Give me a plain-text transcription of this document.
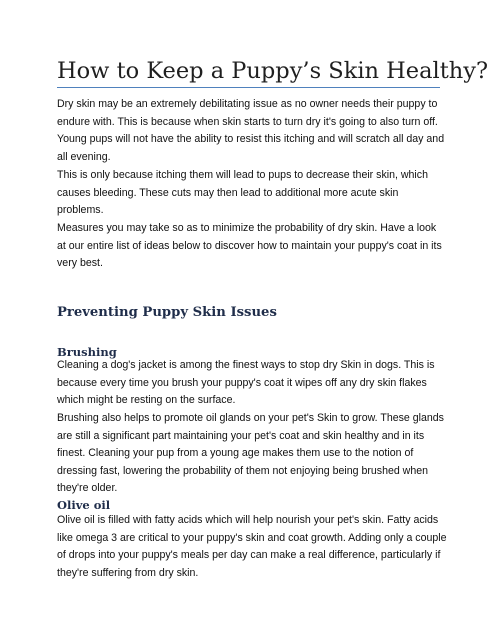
How to Keep a Puppy’s Skin Healthy?

Dry skin may be an extremely debilitating issue as no owner needs their puppy to endure with. This is because when skin starts to turn dry it's going to also turn off. Young pups will not have the ability to resist this itching and will scratch all day and all evening.

This is only because itching them will lead to pups to decrease their skin, which causes bleeding. These cuts may then lead to additional more acute skin problems.

Measures you may take so as to minimize the probability of dry skin. Have a look at our entire list of ideas below to discover how to maintain your puppy's coat in its very best.

Preventing Puppy Skin Issues
Brushing

Cleaning a dog's jacket is among the finest ways to stop dry Skin in dogs. This is because every time you brush your puppy's coat it wipes off any dry skin flakes which might be resting on the surface.

Brushing also helps to promote oil glands on your pet's Skin to grow. These glands are still a significant part maintaining your pet's coat and skin healthy and in its finest. Cleaning your pup from a young age makes them use to the notion of dressing fast, lowering the probability of them not enjoying being brushed when they're older.

Olive oil

Olive oil is filled with fatty acids which will help nourish your pet's skin. Fatty acids like omega 3 are critical to your puppy's skin and coat growth. Adding only a couple of drops into your puppy's meals per day can make a real difference, particularly if they're suffering from dry skin.
